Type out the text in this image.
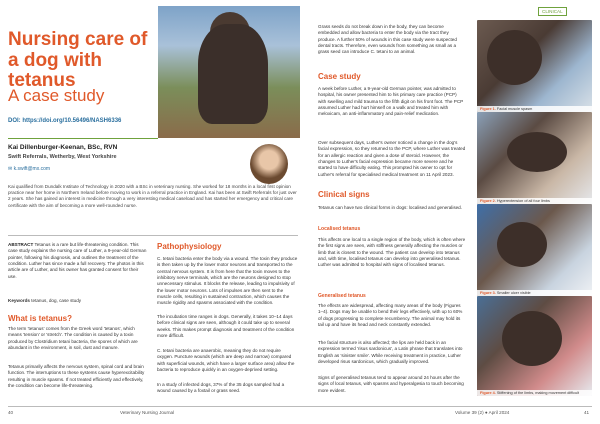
CLINICAL
Nursing care of a dog with tetanus
A case study
DOI: https://doi.org/10.56496/NASH6336
Kai Dillenburger-Keenan, BSc, RVN
Swift Referrals, Wetherby, West Yorkshire
✉ k.swift@mx.com
Kai qualified from Dundalk Institute of Technology in 2020 with a BSc in veterinary nursing. She worked for 18 months in a local first opinion practice near her home in Northern Ireland before moving to work in a referral practice in England. Kai has been at Swift Referrals for just over 2 years. She has gained an interest in medicine through a very interesting medical caseload and has started her emergency and critical care certificate with the aim of becoming a more well-rounded nurse.
ABSTRACT Tetanus is a rare but life-threatening condition. This case study explains the nursing care of Luther, a 9-year-old German pointer, following his diagnosis, and outlines the treatment of the condition. Luther has since made a full recovery. The photos in this article are of Luther, and his owner has granted consent for their use.
Keywords tetanus, dog, case study
What is tetanus?
The term 'tetanus' comes from the Greek word 'tetanos', which means 'tension' or 'stretch'. The condition is caused by a toxin produced by Clostridium tetani bacteria, the spores of which are abundant in the environment, in soil, dust and manure.
Tetanus primarily affects the nervous system, spinal cord and brain function. The interruptions to these systems cause hyperexcitability resulting in muscle spasms. If not treated efficiently and effectively, the condition can become life-threatening.
Pathophysiology
C. tetani bacteria enter the body via a wound. The toxin they produce is then taken up by the lower motor neurons and transported to the central nervous system. It is from here that the toxin moves to the inhibitory nerve terminals, which are the neurons designed to stop unnecessary stimulus. It blocks the release, leading to impulsivity of the lower motor neurons. Lots of impulses are then sent to the muscle cells, resulting in sustained contraction, which causes the muscle rigidity and spasms associated with the condition.
The incubation time ranges in dogs. Generally, it takes 10–14 days before clinical signs are seen, although it could take up to several weeks. This makes prompt diagnosis and treatment of the condition more difficult.
C. tetani bacteria are anaerobic, meaning they do not require oxygen. Puncture wounds (which are deep and narrow) compared with superficial wounds, which have a larger surface area) allow the bacteria to reproduce quickly in an oxygen-deprived setting.
In a study of infected dogs, 37% of the 35 dogs sampled had a wound caused by a foxtail or grass seed.
Grass seeds do not break down in the body, they can become embedded and allow bacteria to enter the body via the tract they produce. A further 50% of wounds in this case study were suspected dental tracts. Therefore, even wounds from something as small as a grass seed can introduce C. tetani to an animal.
Case study
A week before Luther, a 9-year-old German pointer, was admitted to hospital, his owner presented him to his primary care practice (PCP) with swelling and mild trauma to the fifth digit on his front foot. The PCP assumed Luther had hurt himself on a walk and treated him with meloxicam, an anti-inflammatory and pain-relief medication.
Over subsequent days, Luther's owner noticed a change in the dog's facial expression, so they returned to the PCP, where Luther was treated for an allergic reaction and given a dose of steroid. However, the changes to Luther's facial expression became more severe and he started to have difficulty eating. This prompted his owner to opt for Luther's referral for specialised medical treatment on 11 April 2023.
Clinical signs
Tetanus can have two clinical forms in dogs: localised and generalised.
Localised tetanus
This affects one local to a single region of the body, which is often where the first signs are seen, with stiffness generally affecting the muscles or limb that is closest to the wound. The patient can develop into tetanus and, with time, localised tetanus can develop into generalised tetanus. Luther was admitted to hospital with signs of localised tetanus.
Generalised tetanus
The effects are widespread, affecting many areas of the body (Figures 1–4). Dogs may be unable to bend their legs effectively, with up to 60% of dogs progressing to complete recumbency. The animal may hold its tail up and have its head and neck constantly extended.
The facial structure is also affected; the lips are held back in an expression termed 'risus sardonicus', a Latin phrase that translates into English as 'sinister smile'. While receiving treatment in practice, Luther developed risus sardonicus, which gradually improved.
Signs of generalised tetanus tend to appear around 24 hours after the signs of local tetanus, with spasms and hyperalgesia to touch becoming more evident.
Figure 1. Facial muscle spasm
Figure 2. Hyperextension of all four limbs
Figure 3. Smaller ulcer visible
Figure 4. Stiffening of the limbs, making movement difficult
40	Veterinary Nursing Journal	Volume 39 (2) ● April 2024	41
